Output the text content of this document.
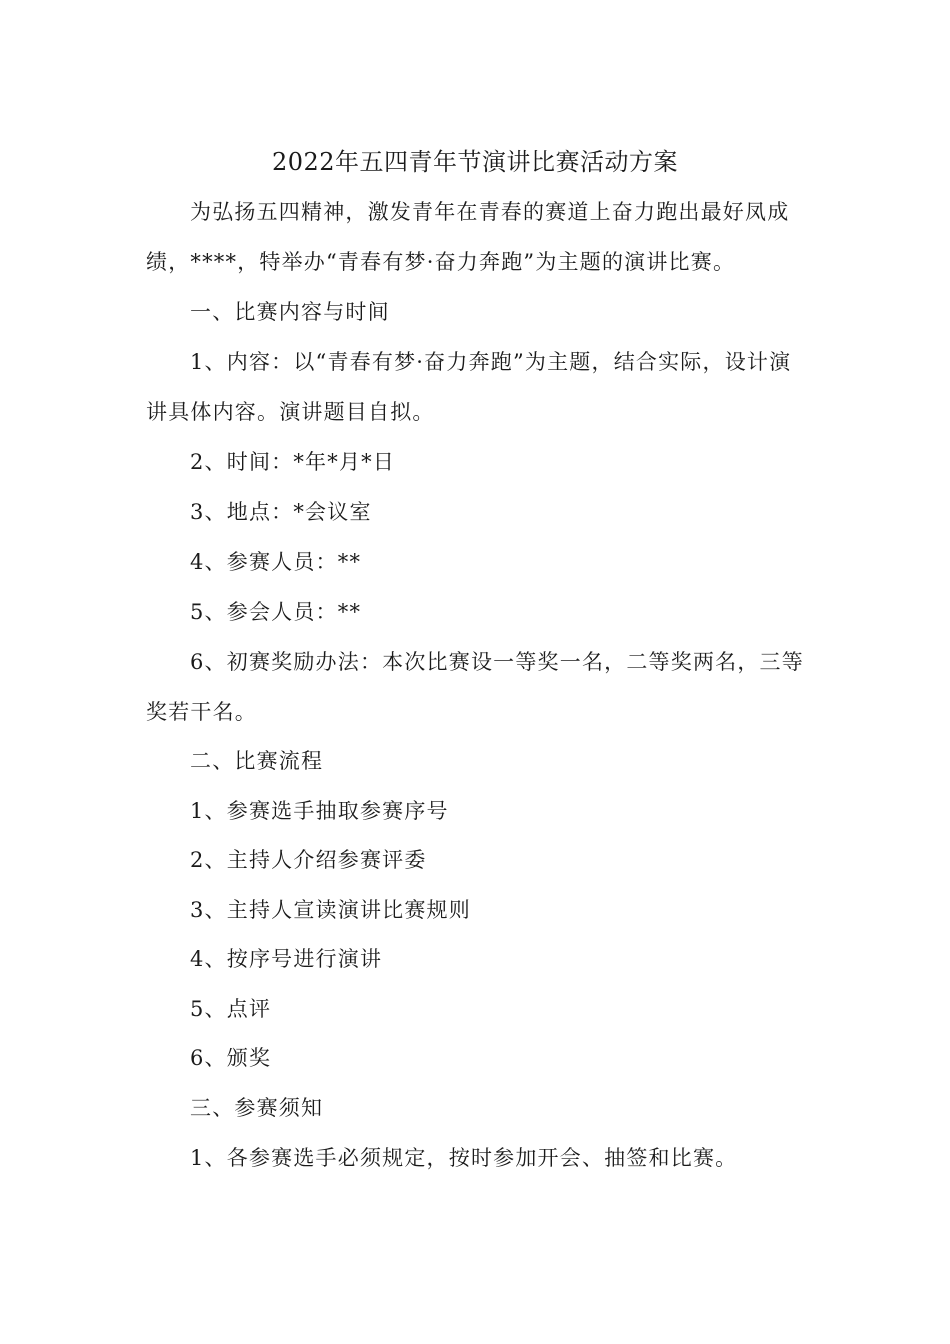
2022年五四青年节演讲比赛活动方案

为弘扬五四精神，激发青年在青春的赛道上奋力跑出最好凤成绩，****，特举办“青春有梦·奋力奔跑”为主题的演讲比赛。

一、比赛内容与时间

1、内容：以“青春有梦·奋力奔跑”为主题，结合实际，设计演讲具体内容。演讲题目自拟。

2、时间：*年*月*日

3、地点：*会议室

4、参赛人员：**

5、参会人员：**

6、初赛奖励办法：本次比赛设一等奖一名，二等奖两名，三等奖若干名。

二、比赛流程

1、参赛选手抽取参赛序号

2、主持人介绍参赛评委

3、主持人宣读演讲比赛规则

4、按序号进行演讲

5、点评

6、颁奖

三、参赛须知

1、各参赛选手必须规定，按时参加开会、抽签和比赛。
